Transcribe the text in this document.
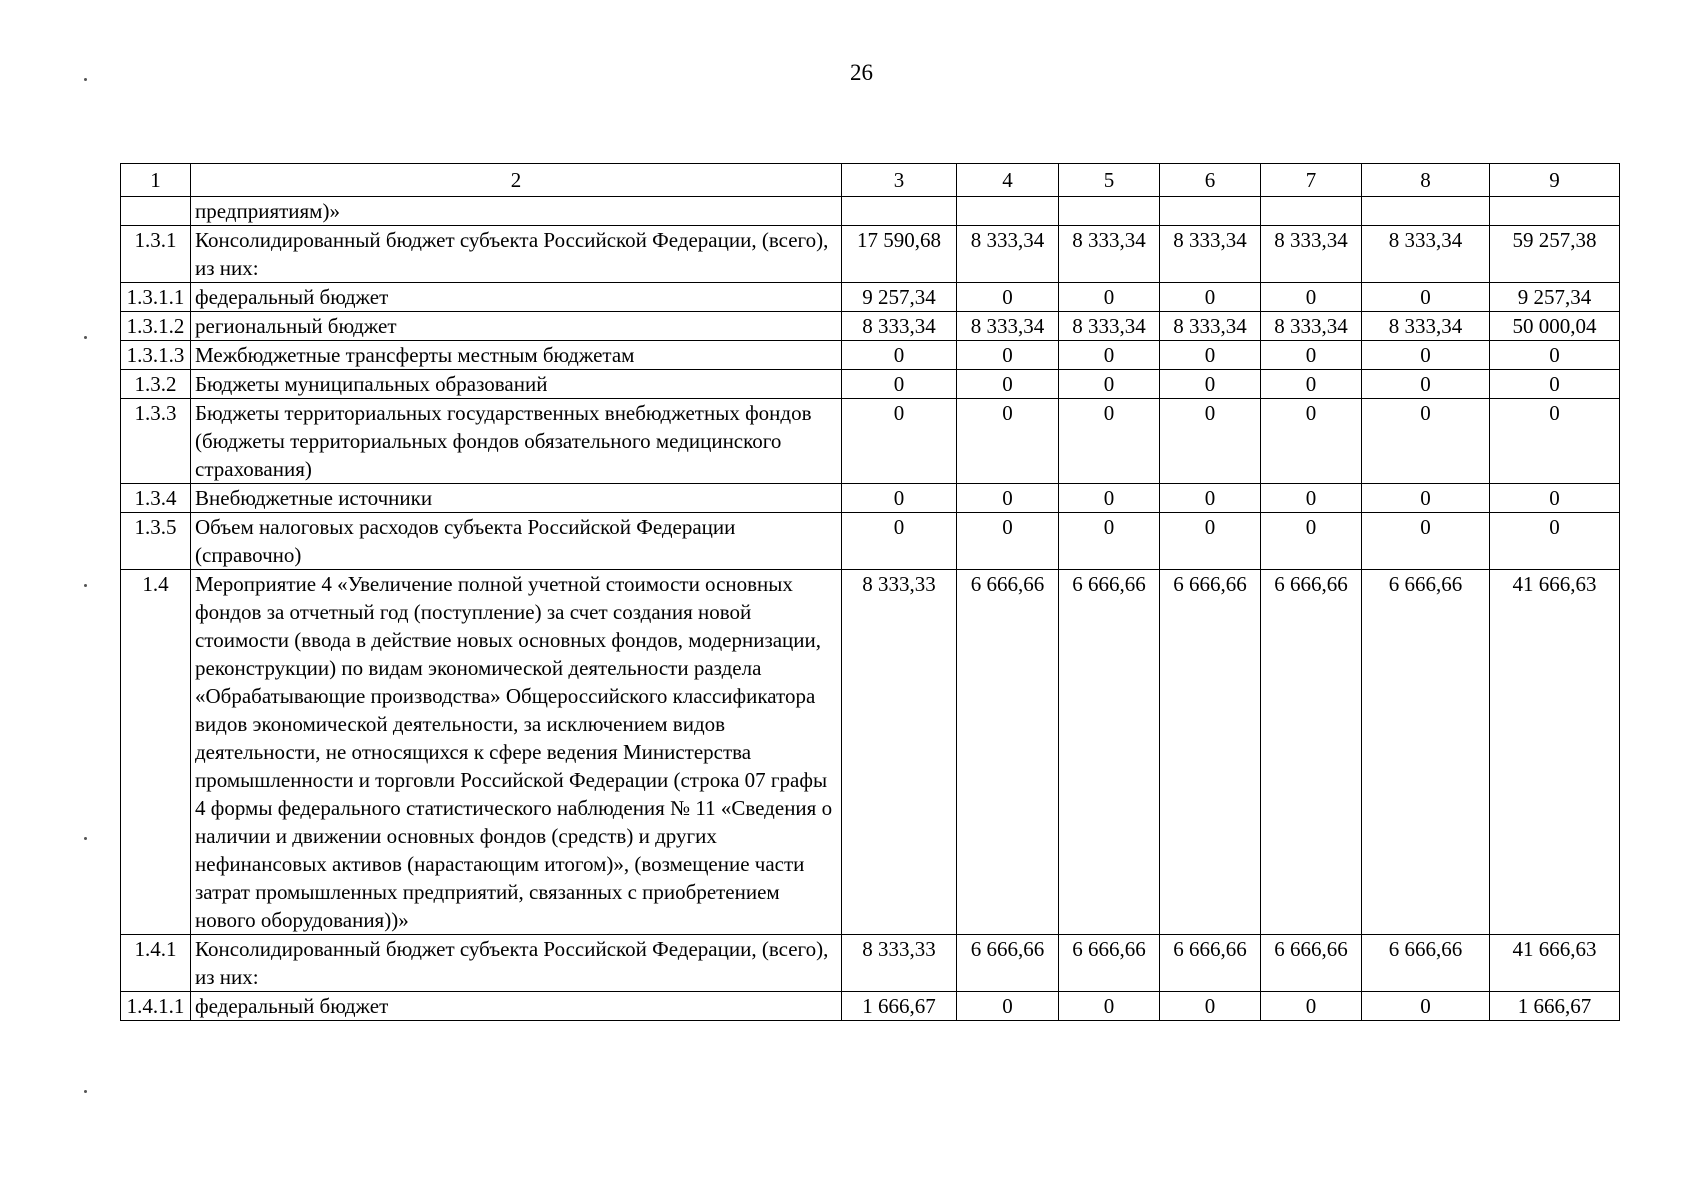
26
1	2	3	4	5	6	7	8	9
	предприятиям)»							
1.3.1	Консолидированный бюджет субъекта Российской Федерации, (всего), из них:	17 590,68	8 333,34	8 333,34	8 333,34	8 333,34	8 333,34	59 257,38
1.3.1.1	федеральный бюджет	9 257,34	0	0	0	0	0	9 257,34
1.3.1.2	региональный бюджет	8 333,34	8 333,34	8 333,34	8 333,34	8 333,34	8 333,34	50 000,04
1.3.1.3	Межбюджетные трансферты местным бюджетам	0	0	0	0	0	0	0
1.3.2	Бюджеты муниципальных образований	0	0	0	0	0	0	0
1.3.3	Бюджеты территориальных государственных внебюджетных фондов (бюджеты территориальных фондов обязательного медицинского страхования)	0	0	0	0	0	0	0
1.3.4	Внебюджетные источники	0	0	0	0	0	0	0
1.3.5	Объем налоговых расходов субъекта Российской Федерации (справочно)	0	0	0	0	0	0	0
1.4	Мероприятие 4 «Увеличение полной учетной стоимости основных фондов за отчетный год (поступление) за счет создания новой стоимости (ввода в действие новых основных фондов, модернизации, реконструкции) по видам экономической деятельности раздела «Обрабатывающие производства» Общероссийского классификатора видов экономической деятельности, за исключением видов деятельности, не относящихся к сфере ведения Министерства промышленности и торговли Российской Федерации (строка 07 графы 4 формы федерального статистического наблюдения № 11 «Сведения о наличии и движении основных фондов (средств) и других нефинансовых активов (нарастающим итогом)», (возмещение части затрат промышленных предприятий, связанных с приобретением нового оборудования))»	8 333,33	6 666,66	6 666,66	6 666,66	6 666,66	6 666,66	41 666,63
1.4.1	Консолидированный бюджет субъекта Российской Федерации, (всего), из них:	8 333,33	6 666,66	6 666,66	6 666,66	6 666,66	6 666,66	41 666,63
1.4.1.1	федеральный бюджет	1 666,67	0	0	0	0	0	1 666,67
